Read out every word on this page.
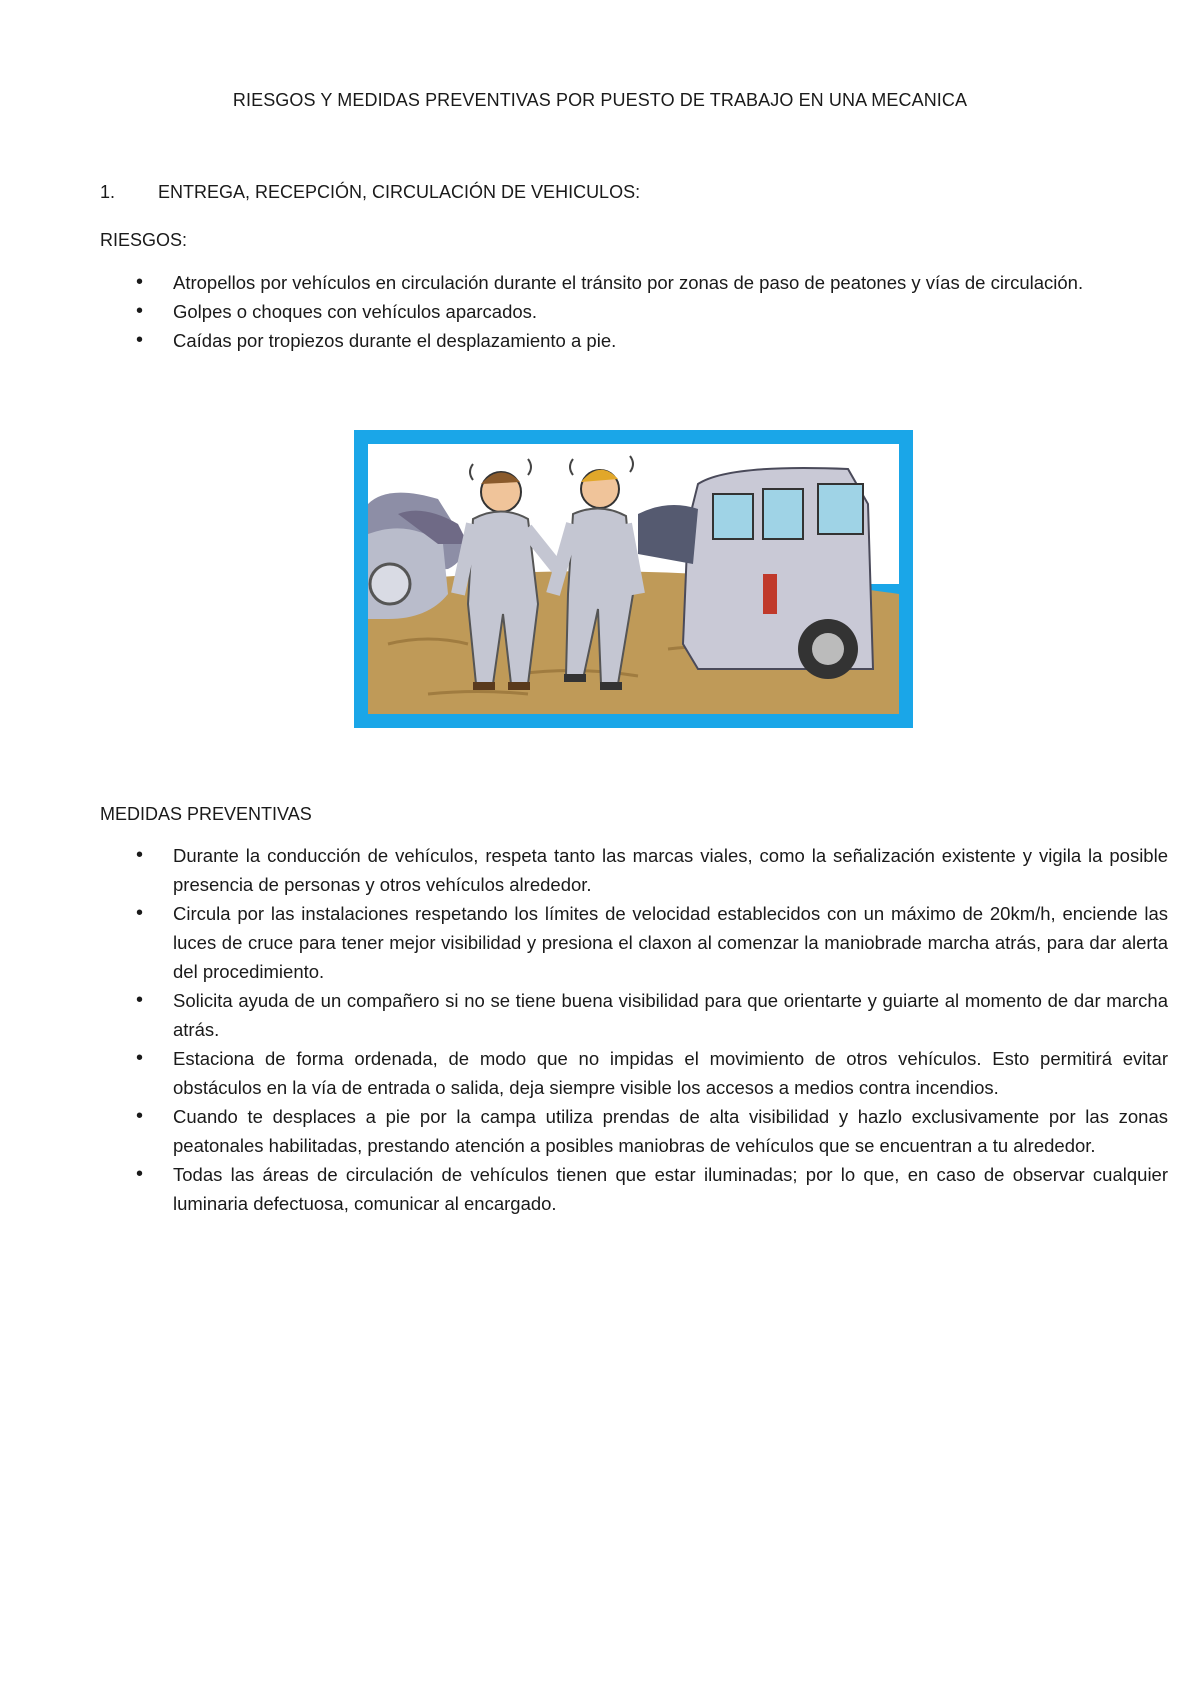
RIESGOS Y MEDIDAS PREVENTIVAS POR PUESTO DE TRABAJO EN UNA MECANICA
1. ENTREGA, RECEPCIÓN, CIRCULACIÓN DE VEHICULOS:
RIESGOS:
• Atropellos por vehículos en circulación durante el tránsito por zonas de paso de peatones y vías de circulación.
• Golpes o choques con vehículos aparcados.
• Caídas por tropiezos durante el desplazamiento a pie.
MEDIDAS PREVENTIVAS
• Durante la conducción de vehículos, respeta tanto las marcas viales, como la señalización existente y vigila la posible presencia de personas y otros vehículos alrededor.
• Circula por las instalaciones respetando los límites de velocidad establecidos con un máximo de 20km/h, enciende las luces de cruce para tener mejor visibilidad y presiona el claxon al comenzar la maniobrade marcha atrás, para dar alerta del procedimiento.
• Solicita ayuda de un compañero si no se tiene buena visibilidad para que orientarte y guiarte al momento de dar marcha atrás.
• Estaciona de forma ordenada, de modo que no impidas el movimiento de otros vehículos. Esto permitirá evitar obstáculos en la vía de entrada o salida, deja siempre visible los accesos a medios contra incendios.
• Cuando te desplaces a pie por la campa utiliza prendas de alta visibilidad y hazlo exclusivamente por las zonas peatonales habilitadas, prestando atención a posibles maniobras de vehículos que se encuentran a tu alrededor.
• Todas las áreas de circulación de vehículos tienen que estar iluminadas; por lo que, en caso de observar cualquier luminaria defectuosa, comunicar al encargado.
